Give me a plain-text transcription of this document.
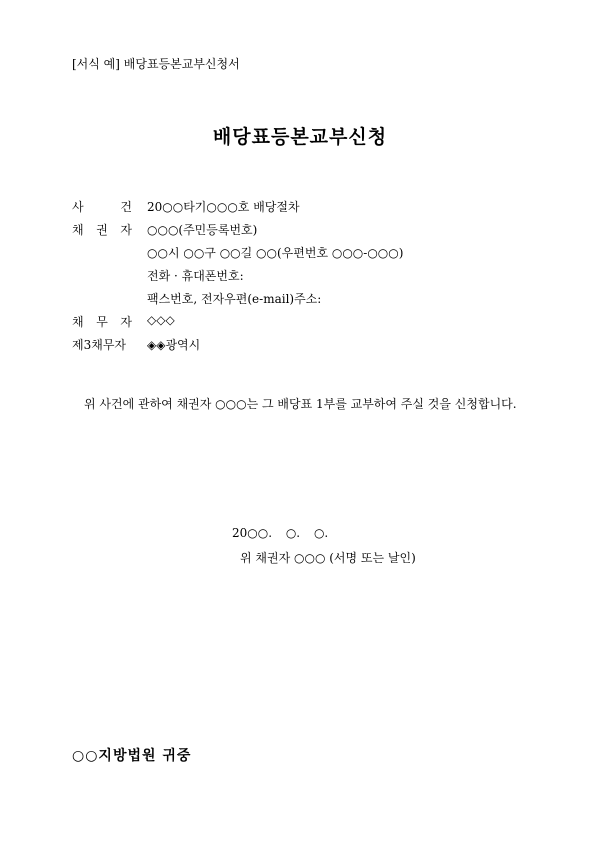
[서식 예] 배당표등본교부신청서
배당표등본교부신청
사	건 20○○타기○○○호 배당절차
채 권 자 ○○○(주민등록번호)
○○시 ○○구 ○○길 ○○(우편번호 ○○○-○○○)
전화 · 휴대폰번호:
팩스번호, 전자우편(e-mail)주소:
채 무 자 ◇◇◇
제3채무자	◈◈광역시
위 사건에 관하여 채권자 ○○○는 그 배당표 1부를 교부하여 주실 것을 신청합니다.
20○○. ○. ○.
위 채권자 ○○○ (서명 또는 날인)
○○지방법원 귀중
